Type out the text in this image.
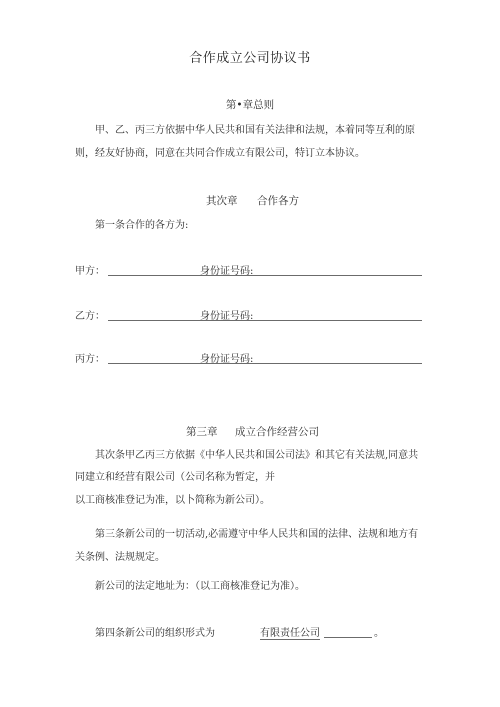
合作成立公司协议书
第•章总则
甲、乙、丙三方依据中华人民共和国有关法律和法规，本着同等互利的原则，经友好协商，同意在共同合作成立有限公司，特订立本协议。
其次章 合作各方
第一条合作的各方为:
甲方：	身份证号码:
乙方：	身份证号码:
丙方：	身份证号码:
第三章 成立合作经营公司
其次条甲乙丙三方依据《中华人民共和国公司法》和其它有关法规,同意共
同建立和经营有限公司（公司名称为暂定，并
以工商核准登记为准，以卜简称为新公司）。
第三条新公司的一切活动,必需遵守中华人民共和国的法律、法规和地方有关条例、法规规定。
新公司的法定地址为：（以工商核准登记为准）。
第四条新公司的组织形式为	有限责任公司	。
